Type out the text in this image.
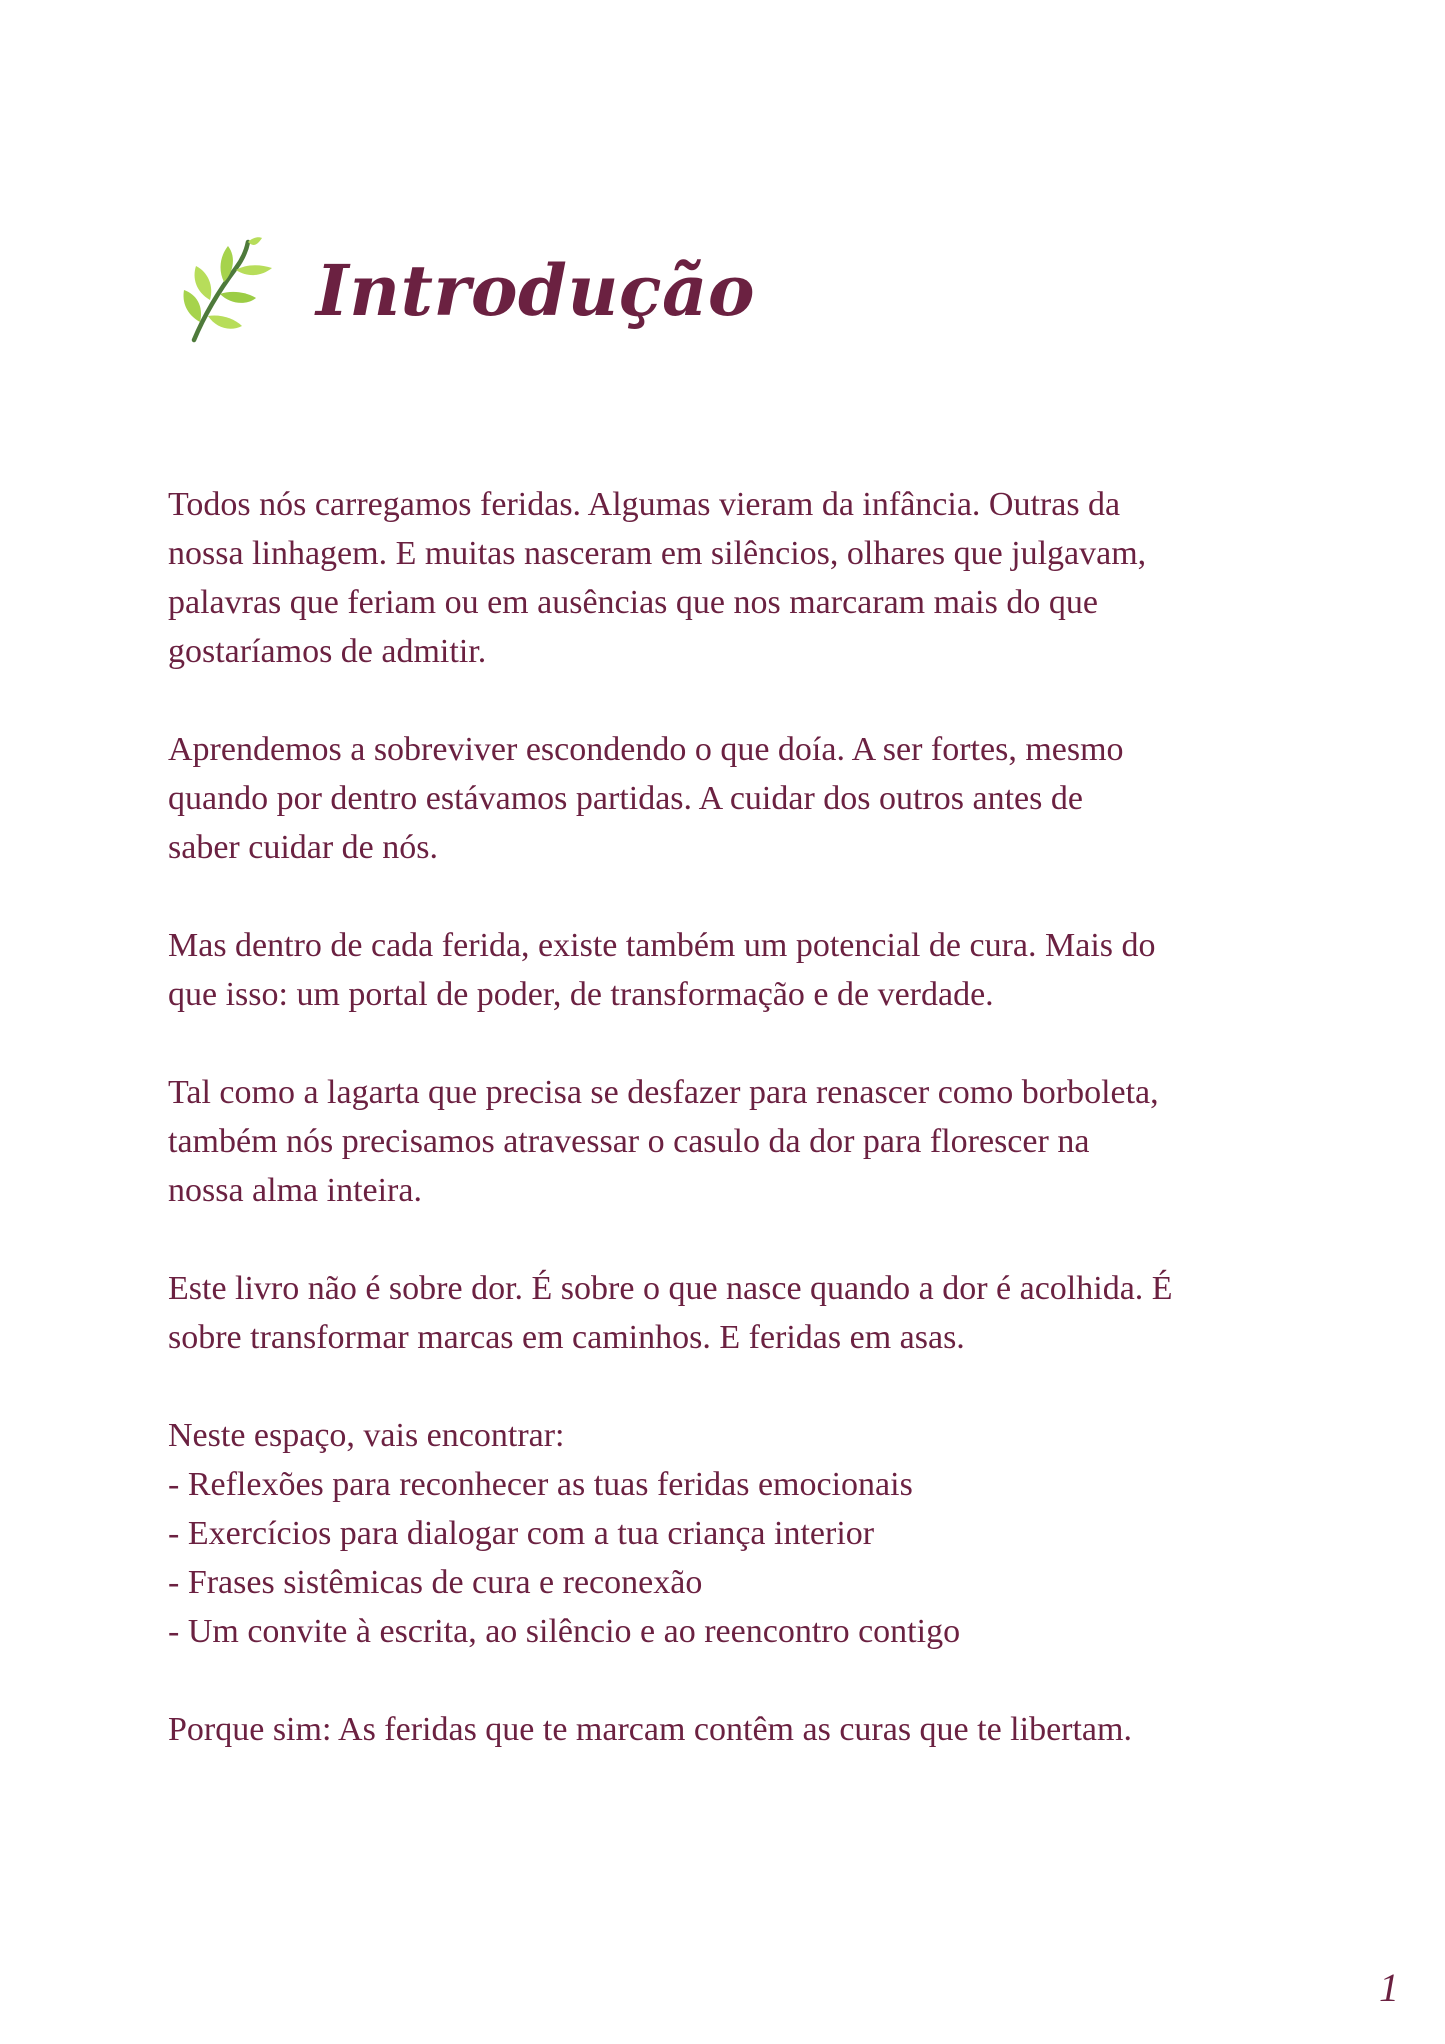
Introdução

Todos nós carregamos feridas. Algumas vieram da infância. Outras da
nossa linhagem. E muitas nasceram em silêncios, olhares que julgavam,
palavras que feriam ou em ausências que nos marcaram mais do que
gostaríamos de admitir.

Aprendemos a sobreviver escondendo o que doía. A ser fortes, mesmo
quando por dentro estávamos partidas. A cuidar dos outros antes de
saber cuidar de nós.

Mas dentro de cada ferida, existe também um potencial de cura. Mais do
que isso: um portal de poder, de transformação e de verdade.

Tal como a lagarta que precisa se desfazer para renascer como borboleta,
também nós precisamos atravessar o casulo da dor para florescer na
nossa alma inteira.

Este livro não é sobre dor. É sobre o que nasce quando a dor é acolhida. É
sobre transformar marcas em caminhos. E feridas em asas.

Neste espaço, vais encontrar:
- Reflexões para reconhecer as tuas feridas emocionais
- Exercícios para dialogar com a tua criança interior
- Frases sistêmicas de cura e reconexão
- Um convite à escrita, ao silêncio e ao reencontro contigo

Porque sim: As feridas que te marcam contêm as curas que te libertam.

1
